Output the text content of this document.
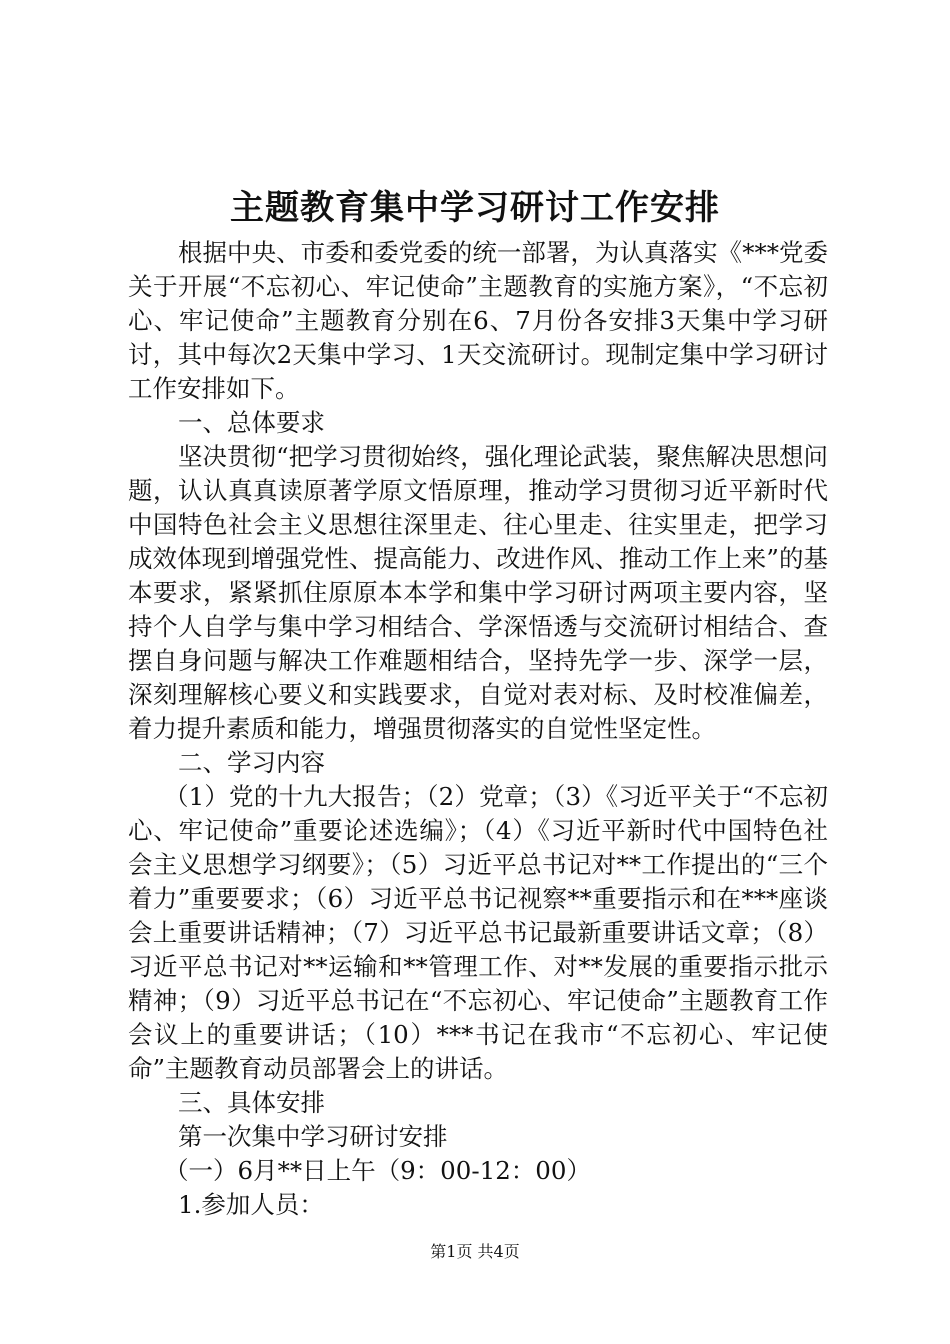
主题教育集中学习研讨工作安排

根据中央、市委和委党委的统一部署，为认真落实《***党委关于开展“不忘初心、牢记使命”主题教育的实施方案》，“不忘初心、牢记使命”主题教育分别在6、7月份各安排3天集中学习研讨，其中每次2天集中学习、1天交流研讨。现制定集中学习研讨工作安排如下。

一、总体要求

坚决贯彻“把学习贯彻始终，强化理论武装，聚焦解决思想问题，认认真真读原著学原文悟原理，推动学习贯彻习近平新时代中国特色社会主义思想往深里走、往心里走、往实里走，把学习成效体现到增强党性、提高能力、改进作风、推动工作上来”的基本要求，紧紧抓住原原本本学和集中学习研讨两项主要内容，坚持个人自学与集中学习相结合、学深悟透与交流研讨相结合、查摆自身问题与解决工作难题相结合，坚持先学一步、深学一层，深刻理解核心要义和实践要求，自觉对表对标、及时校准偏差，着力提升素质和能力，增强贯彻落实的自觉性坚定性。

二、学习内容

（1）党的十九大报告；（2）党章；（3）《习近平关于“不忘初心、牢记使命”重要论述选编》；（4）《习近平新时代中国特色社会主义思想学习纲要》；（5）习近平总书记对**工作提出的“三个着力”重要要求；（6）习近平总书记视察**重要指示和在***座谈会上重要讲话精神；（7）习近平总书记最新重要讲话文章；（8）习近平总书记对**运输和**管理工作、对**发展的重要指示批示精神；（9）习近平总书记在“不忘初心、牢记使命”主题教育工作会议上的重要讲话；（10）***书记在我市“不忘初心、牢记使命”主题教育动员部署会上的讲话。

三、具体安排

第一次集中学习研讨安排

（一）6月**日上午（9：00-12：00）

1.参加人员：

第1页 共4页
